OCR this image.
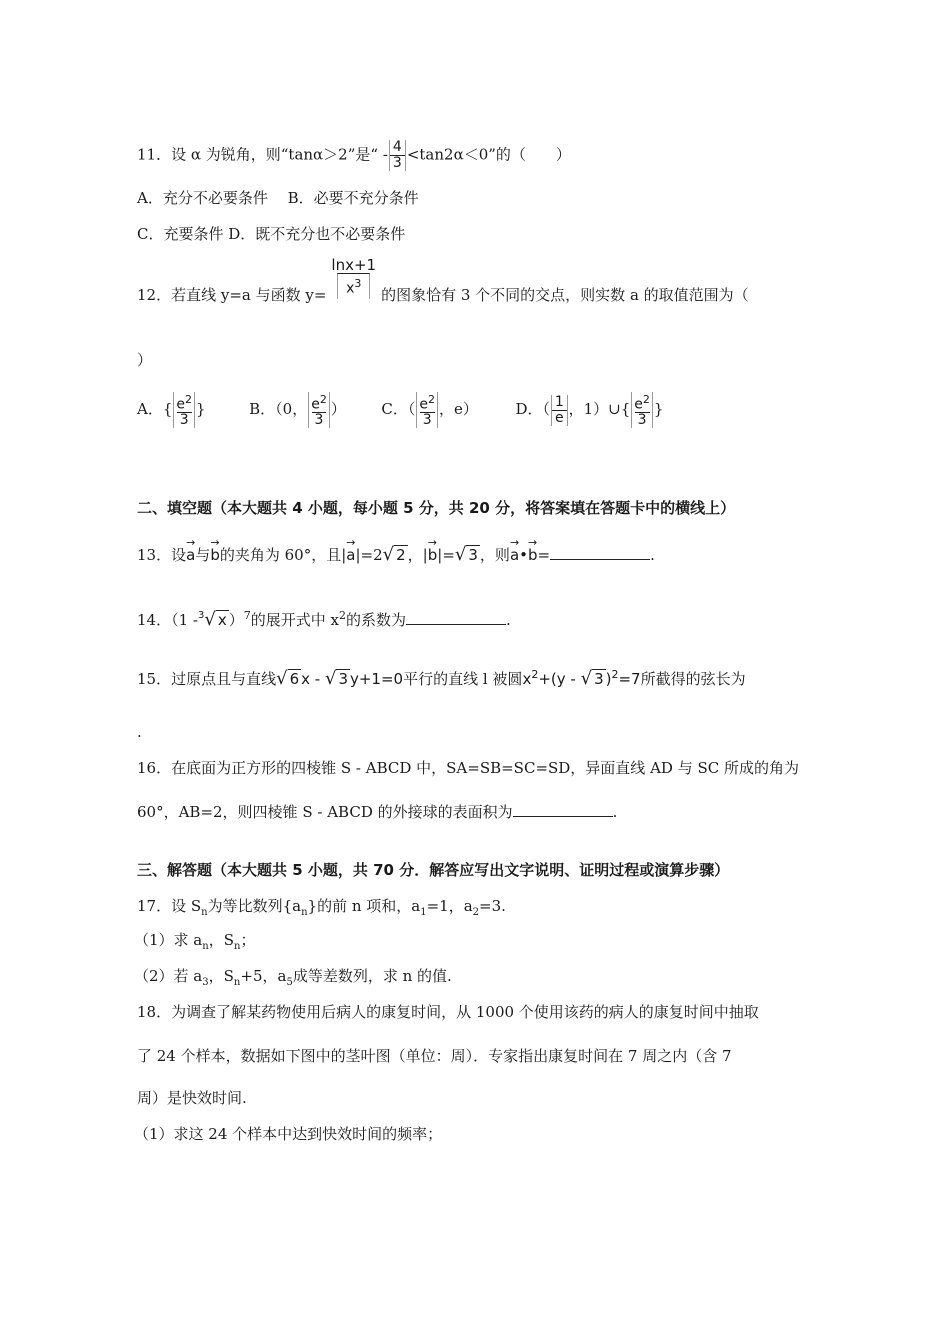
11．设 α 为锐角，则“tanα＞2”是“ - $\frac{4}{3} <\tan 2\alpha<0$”的（　　）
A．充分不必要条件　 B．必要不充分条件
C．充要条件 D．既不充分也不必要条件
12．若直线 y=a 与函数 $y= \frac{\ln x+1}{x^3}$ 的图象恰有 3 个不同的交点，则实数 a 的取值范围为（
）
A．{ $\frac{e^2}{3}$ }	B．（0， $\frac{e^2}{3}$ ） C．（ $\frac{e^2}{3}$ ，e）	D．（ $\frac{1}{e}$ ，1）∪{ $\frac{e^2}{3}$ }
二、填空题（本大题共 4 小题，每小题 5 分，共 20 分，将答案填在答题卡中的横线上）
13．设→ a与→ b的夹角为 60°，且|→ a|=2√ 2 ，|→ b|=√ 3 ，则→ a•→ b=	.
14．（1 -$^3$√ x ）$^7$的展开式中 $x^2$的系数为	.
15．过原点且与直线√ 6 x - √ 3 y+1=0平行的直线 l 被圆$x^2+(y$ - √ 3 )$^2$=7所截得的弦长为
.
16．在底面为正方形的四棱锥 S - ABCD 中，SA=SB=SC=SD，异面直线 AD 与 SC 所成的角为
60°，AB=2，则四棱锥 S - ABCD 的外接球的表面积为	.
三、解答题（本大题共 5 小题，共 70 分．解答应写出文字说明、证明过程或演算步骤）
17．设 $S_n$为等比数列$\{a_n\}$的前 n 项和，$a_1=1$，$a_2=3$.
（1）求 $a_n$，$S_n$；
（2）若 $a_3$，$S_n+5$，$a_5$成等差数列，求 n 的值.
18．为调查了解某药物使用后病人的康复时间，从 1000 个使用该药的病人的康复时间中抽取
了 24 个样本，数据如下图中的茎叶图（单位：周）．专家指出康复时间在 7 周之内（含 7
周）是快效时间.
（1）求这 24 个样本中达到快效时间的频率；
